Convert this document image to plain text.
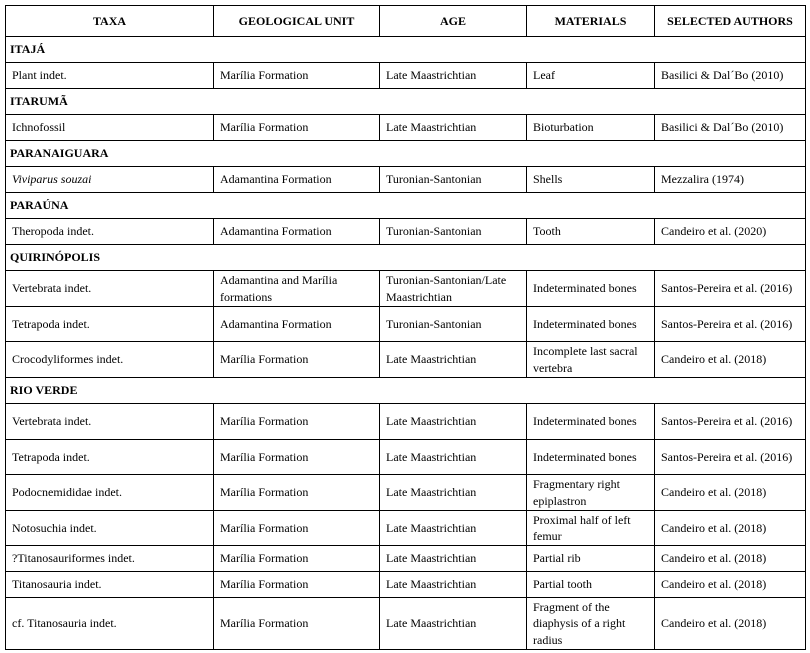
TAXA	GEOLOGICAL UNIT	AGE	MATERIALS	SELECTED AUTHORS
ITAJÁ				
Plant indet.	Marília Formation	Late Maastrichtian	Leaf	Basilici & Dal´Bo (2010)
ITARUMÃ				
Ichnofossil	Marília Formation	Late Maastrichtian	Bioturbation	Basilici & Dal´Bo (2010)
PARANAIGUARA				
Viviparus souzai	Adamantina Formation	Turonian-Santonian	Shells	Mezzalira (1974)
PARAÚNA				
Theropoda indet.	Adamantina Formation	Turonian-Santonian	Tooth	Candeiro et al. (2020)
QUIRINÓPOLIS				
Vertebrata indet.	Adamantina and Marília formations	Turonian-Santonian/Late Maastrichtian	Indeterminated bones	Santos-Pereira et al. (2016)
Tetrapoda indet.	Adamantina Formation	Turonian-Santonian	Indeterminated bones	Santos-Pereira et al. (2016)
Crocodyliformes indet.	Marília Formation	Late Maastrichtian	Incomplete last sacral vertebra	Candeiro et al. (2018)
RIO VERDE				
Vertebrata indet.	Marília Formation	Late Maastrichtian	Indeterminated bones	Santos-Pereira et al. (2016)
Tetrapoda indet.	Marília Formation	Late Maastrichtian	Indeterminated bones	Santos-Pereira et al. (2016)
Podocnemididae indet.	Marília Formation	Late Maastrichtian	Fragmentary right epiplastron	Candeiro et al. (2018)
Notosuchia indet.	Marília Formation	Late Maastrichtian	Proximal half of left femur	Candeiro et al. (2018)
?Titanosauriformes indet.	Marília Formation	Late Maastrichtian	Partial rib	Candeiro et al. (2018)
Titanosauria indet.	Marília Formation	Late Maastrichtian	Partial tooth	Candeiro et al. (2018)
cf. Titanosauria indet.	Marília Formation	Late Maastrichtian	Fragment of the diaphysis of a right radius	Candeiro et al. (2018)
